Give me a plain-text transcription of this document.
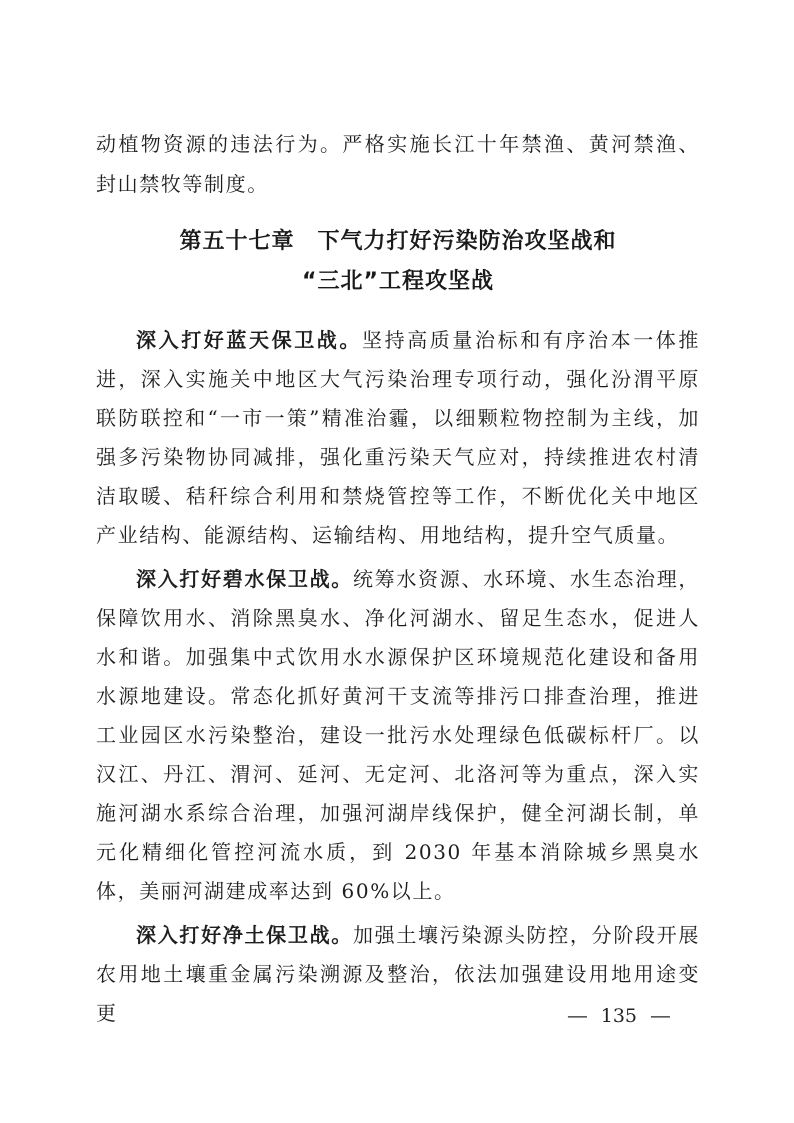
动植物资源的违法行为。严格实施长江十年禁渔、黄河禁渔、封山禁牧等制度。

第五十七章　下气力打好污染防治攻坚战和
“三北”工程攻坚战

深入打好蓝天保卫战。坚持高质量治标和有序治本一体推进，深入实施关中地区大气污染治理专项行动，强化汾渭平原联防联控和“一市一策”精准治霾，以细颗粒物控制为主线，加强多污染物协同减排，强化重污染天气应对，持续推进农村清洁取暖、秸秆综合利用和禁烧管控等工作，不断优化关中地区产业结构、能源结构、运输结构、用地结构，提升空气质量。

深入打好碧水保卫战。统筹水资源、水环境、水生态治理，保障饮用水、消除黑臭水、净化河湖水、留足生态水，促进人水和谐。加强集中式饮用水水源保护区环境规范化建设和备用水源地建设。常态化抓好黄河干支流等排污口排查治理，推进工业园区水污染整治，建设一批污水处理绿色低碳标杆厂。以汉江、丹江、渭河、延河、无定河、北洛河等为重点，深入实施河湖水系综合治理，加强河湖岸线保护，健全河湖长制，单元化精细化管控河流水质，到 2030 年基本消除城乡黑臭水体，美丽河湖建成率达到 60%以上。

深入打好净土保卫战。加强土壤污染源头防控，分阶段开展农用地土壤重金属污染溯源及整治，依法加强建设用地用途变更	— 135 —
